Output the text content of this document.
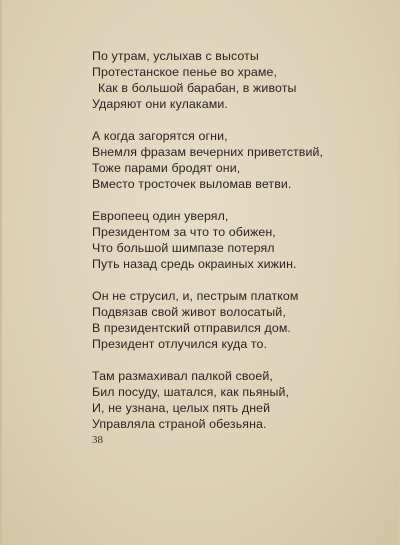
По утрам, услыхав с высоты
Протестанское пенье во храме,
Как в большой барабан, в животы
Ударяют они кулаками.
А когда загорятся огни,
Внемля фразам вечерних приветствий,
Тоже парами бродят они,
Вместо тросточек выломав ветви.
Европеец один уверял,
Президентом за что то обижен,
Что большой шимпазе потерял
Путь назад средь окраиных хижин.
Он не струсил, и, пестрым платком
Подвязав свой живот волосатый,
В президентский отправился дом.
Президент отлучился куда то.
Там размахивал палкой своей,
Бил посуду, шатался, как пьяный,
И, не узнана, целых пять дней
Управляла страной обезьяна.
38
